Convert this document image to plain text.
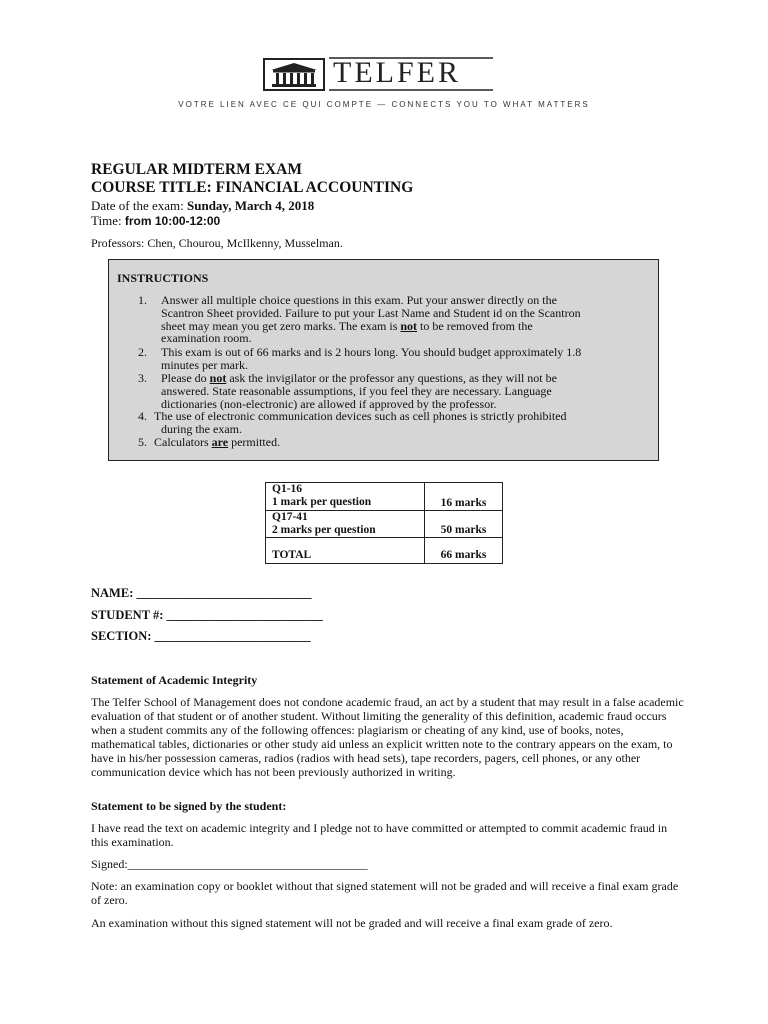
TELFER
VOTRE LIEN AVEC CE QUI COMPTE — CONNECTS YOU TO WHAT MATTERS
REGULAR MIDTERM EXAM
COURSE TITLE: FINANCIAL ACCOUNTING
Date of the exam: Sunday, March 4, 2018
Time: from 10:00-12:00
Professors: Chen, Chourou, McIlkenny, Musselman.
INSTRUCTIONS
1. Answer all multiple choice questions in this exam. Put your answer directly on the
Scantron Sheet provided. Failure to put your Last Name and Student id on the Scantron
sheet may mean you get zero marks. The exam is not to be removed from the
examination room.
2. This exam is out of 66 marks and is 2 hours long. You should budget approximately 1.8
minutes per mark.
3. Please do not ask the invigilator or the professor any questions, as they will not be
answered. State reasonable assumptions, if you feel they are necessary. Language
dictionaries (non-electronic) are allowed if approved by the professor.
4. The use of electronic communication devices such as cell phones is strictly prohibited
during the exam.
5. Calculators are permitted.
Q1-16
1 mark per question	16 marks

Q17-41
2 marks per question	50 marks
TOTAL	66 marks
NAME: ____________________________
STUDENT #: _________________________
SECTION: _________________________
Statement of Academic Integrity
The Telfer School of Management does not condone academic fraud, an act by a student that may result in a false academic evaluation of that student or of another student. Without limiting the generality of this definition, academic fraud occurs when a student commits any of the following offences: plagiarism or cheating of any kind, use of books, notes, mathematical tables, dictionaries or other study aid unless an explicit written note to the contrary appears on the exam, to have in his/her possession cameras, radios (radios with head sets), tape recorders, pagers, cell phones, or any other communication device which has not been previously authorized in writing.
Statement to be signed by the student:
I have read the text on academic integrity and I pledge not to have committed or attempted to commit academic fraud in this examination.
Signed:________________________________________
Note: an examination copy or booklet without that signed statement will not be graded and will receive a final exam grade of zero.
An examination without this signed statement will not be graded and will receive a final exam grade of zero.
